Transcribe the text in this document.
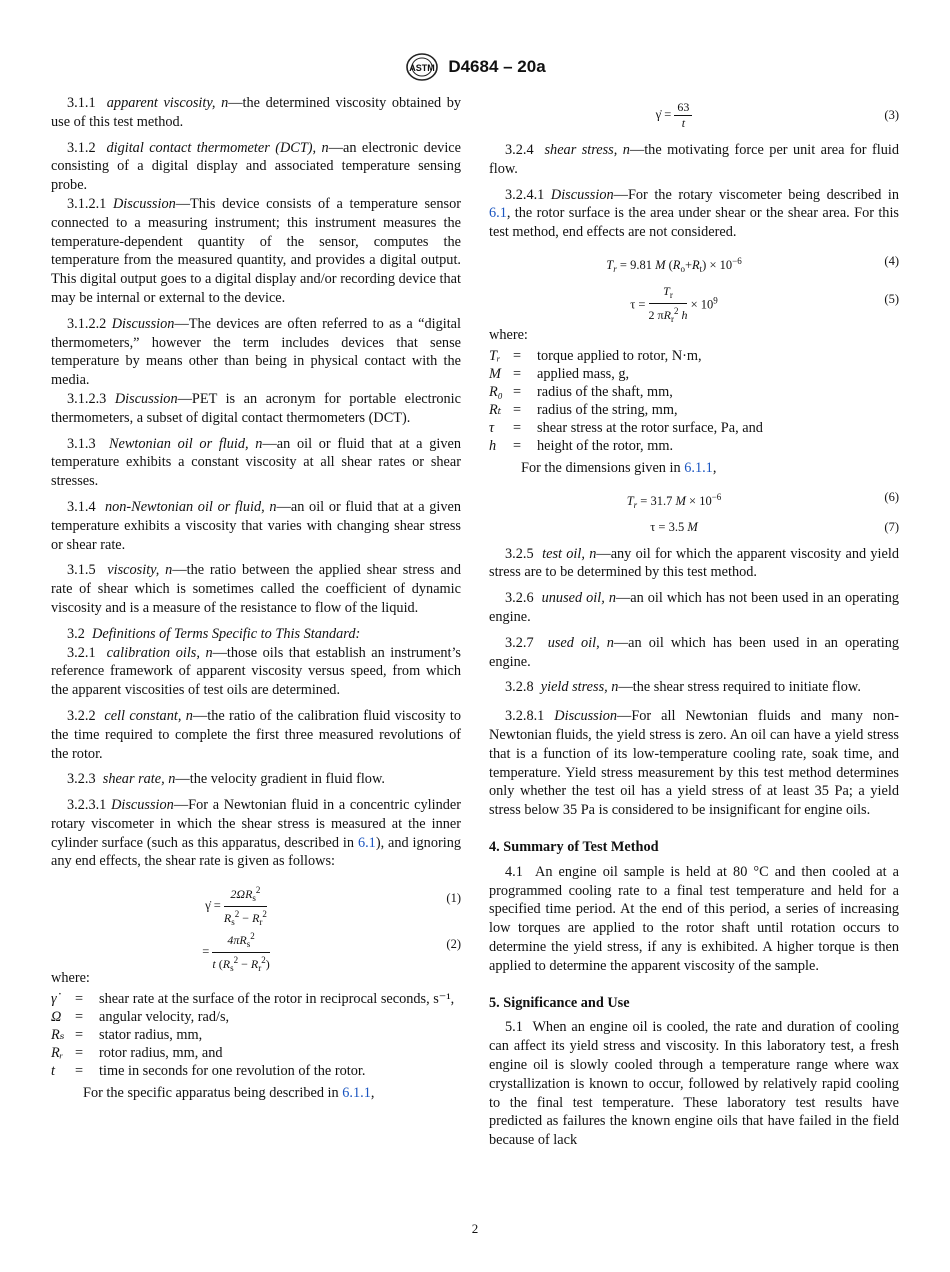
ASTM D4684 – 20a

3.1.1 apparent viscosity, n—the determined viscosity obtained by use of this test method.

3.1.2 digital contact thermometer (DCT), n—an electronic device consisting of a digital display and associated temperature sensing probe.

3.1.2.1 Discussion—This device consists of a temperature sensor connected to a measuring instrument; this instrument measures the temperature-dependent quantity of the sensor, computes the temperature from the measured quantity, and provides a digital output. This digital output goes to a digital display and/or recording device that may be internal or external to the device.

3.1.2.2 Discussion—The devices are often referred to as a “digital thermometers,” however the term includes devices that sense temperature by means other than being in physical contact with the media.

3.1.2.3 Discussion—PET is an acronym for portable electronic thermometers, a subset of digital contact thermometers (DCT).

3.1.3 Newtonian oil or fluid, n—an oil or fluid that at a given temperature exhibits a constant viscosity at all shear rates or shear stresses.

3.1.4 non-Newtonian oil or fluid, n—an oil or fluid that at a given temperature exhibits a viscosity that varies with changing shear stress or shear rate.

3.1.5 viscosity, n—the ratio between the applied shear stress and rate of shear which is sometimes called the coefficient of dynamic viscosity and is a measure of the resistance to flow of the liquid.

3.2 Definitions of Terms Specific to This Standard:

3.2.1 calibration oils, n—those oils that establish an instrument’s reference framework of apparent viscosity versus speed, from which the apparent viscosities of test oils are determined.

3.2.2 cell constant, n—the ratio of the calibration fluid viscosity to the time required to complete the first three measured revolutions of the rotor.

3.2.3 shear rate, n—the velocity gradient in fluid flow.

3.2.3.1 Discussion—For a Newtonian fluid in a concentric cylinder rotary viscometer in which the shear stress is measured at the inner cylinder surface (such as this apparatus, described in 6.1), and ignoring any end effects, the shear rate is given as follows:

γ̇ = $\frac{2\Omega R_s^2}{R_s^2 - R_r^2}$	(1)
= $\frac{4\pi R_s^2}{t (R_s^2 - R_r^2)}$	(2)

where:

γ̇	=	shear rate at the surface of the rotor in reciprocal seconds, s⁻¹,
Ω =	angular velocity, rad/s,
Rₛ =	stator radius, mm,
Rᵣ =	rotor radius, mm, and
t	=	time in seconds for one revolution of the rotor.

For the specific apparatus being described in 6.1.1,

γ̇ = $\frac{63}{t}$	(3)

3.2.4 shear stress, n—the motivating force per unit area for fluid flow.

3.2.4.1 Discussion—For the rotary viscometer being described in 6.1, the rotor surface is the area under shear or the shear area. For this test method, end effects are not considered.

$T_r = 9.81$ M $(R_o+R_t) \times 10^{-6}$	(4)
$\tau = \frac{T_r}{2 \pi R_r^2 h} \times 10^9$	(5)

where:

Tᵣ =	torque applied to rotor, N·m,
M =	applied mass, g,
R₀ =	radius of the shaft, mm,
Rₜ =	radius of the string, mm,
τ	=	shear stress at the rotor surface, Pa, and
h	=	height of the rotor, mm.

For the dimensions given in 6.1.1,

$T_r = 31.7$ $M \times 10^{-6}$	(6)
τ = 3.5 M	(7)

3.2.5 test oil, n—any oil for which the apparent viscosity and yield stress are to be determined by this test method.

3.2.6 unused oil, n—an oil which has not been used in an operating engine.

3.2.7 used oil, n—an oil which has been used in an operating engine.

3.2.8 yield stress, n—the shear stress required to initiate flow.

3.2.8.1 Discussion—For all Newtonian fluids and many non-Newtonian fluids, the yield stress is zero. An oil can have a yield stress that is a function of its low-temperature cooling rate, soak time, and temperature. Yield stress measurement by this test method determines only whether the test oil has a yield stress of at least 35 Pa; a yield stress below 35 Pa is considered to be insignificant for engine oils.

4. Summary of Test Method

4.1 An engine oil sample is held at 80 °C and then cooled at a programmed cooling rate to a final test temperature and held for a specified time period. At the end of this period, a series of increasing low torques are applied to the rotor shaft until rotation occurs to determine the yield stress, if any is exhibited. A higher torque is then applied to determine the apparent viscosity of the sample.

5. Significance and Use

5.1 When an engine oil is cooled, the rate and duration of cooling can affect its yield stress and viscosity. In this laboratory test, a fresh engine oil is slowly cooled through a temperature range where wax crystallization is known to occur, followed by relatively rapid cooling to the final test temperature. These laboratory test results have predicted as failures the known engine oils that have failed in the field because of lack

2
